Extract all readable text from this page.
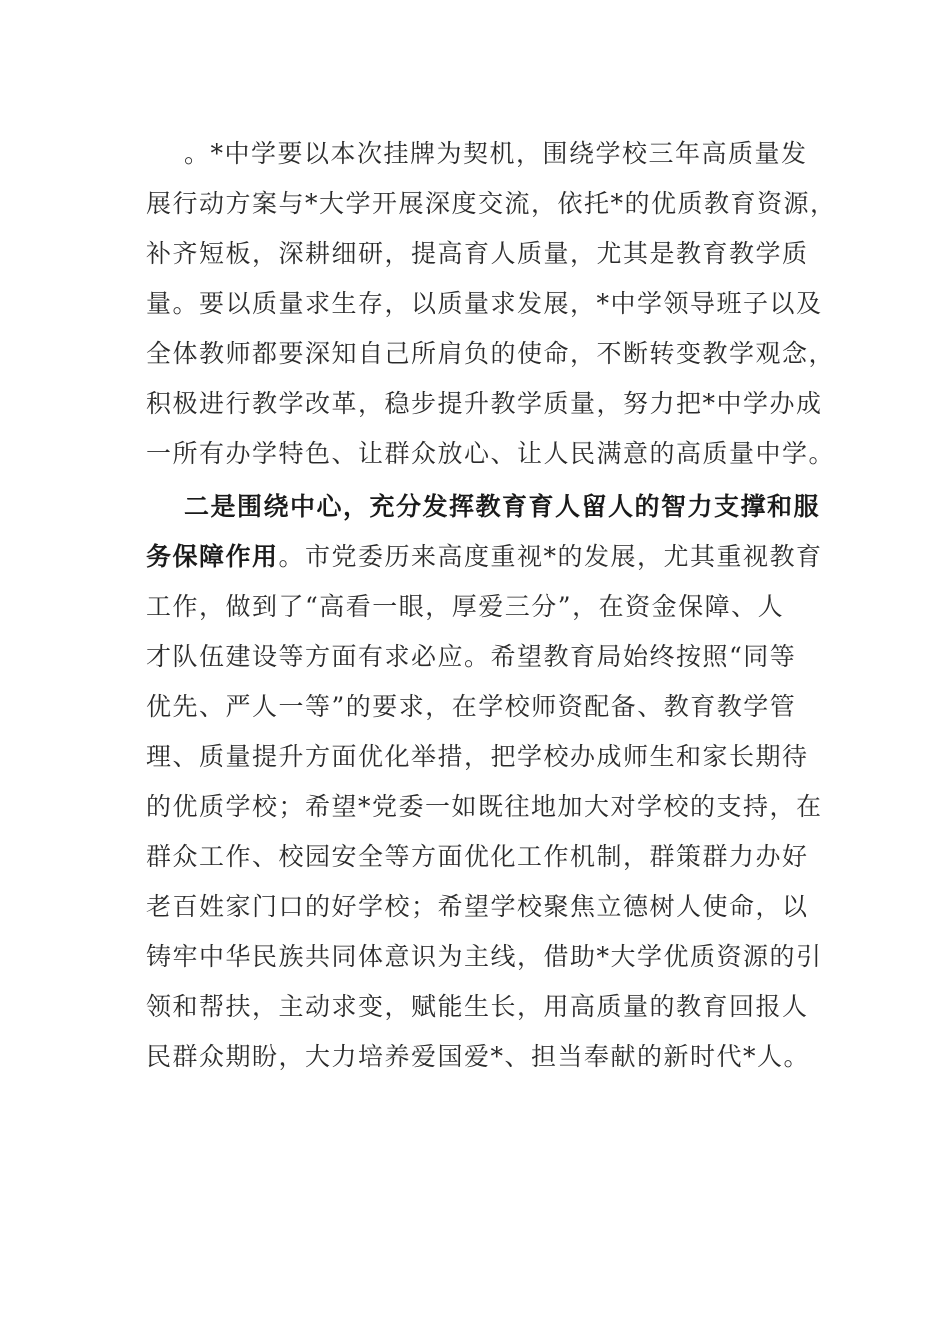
。*中学要以本次挂牌为契机，围绕学校三年高质量发
展行动方案与*大学开展深度交流，依托*的优质教育资源，
补齐短板，深耕细研，提高育人质量，尤其是教育教学质
量。要以质量求生存，以质量求发展，*中学领导班子以及
全体教师都要深知自己所肩负的使命，不断转变教学观念，
积极进行教学改革，稳步提升教学质量，努力把*中学办成
一所有办学特色、让群众放心、让人民满意的高质量中学。
二是围绕中心，充分发挥教育育人留人的智力支撑和服
务保障作用。市党委历来高度重视*的发展，尤其重视教育
工作，做到了“高看一眼，厚爱三分”，在资金保障、人
才队伍建设等方面有求必应。希望教育局始终按照“同等
优先、严人一等”的要求，在学校师资配备、教育教学管
理、质量提升方面优化举措，把学校办成师生和家长期待
的优质学校；希望*党委一如既往地加大对学校的支持，在
群众工作、校园安全等方面优化工作机制，群策群力办好
老百姓家门口的好学校；希望学校聚焦立德树人使命，以
铸牢中华民族共同体意识为主线，借助*大学优质资源的引
领和帮扶，主动求变，赋能生长，用高质量的教育回报人
民群众期盼，大力培养爱国爱*、担当奉献的新时代*人。
